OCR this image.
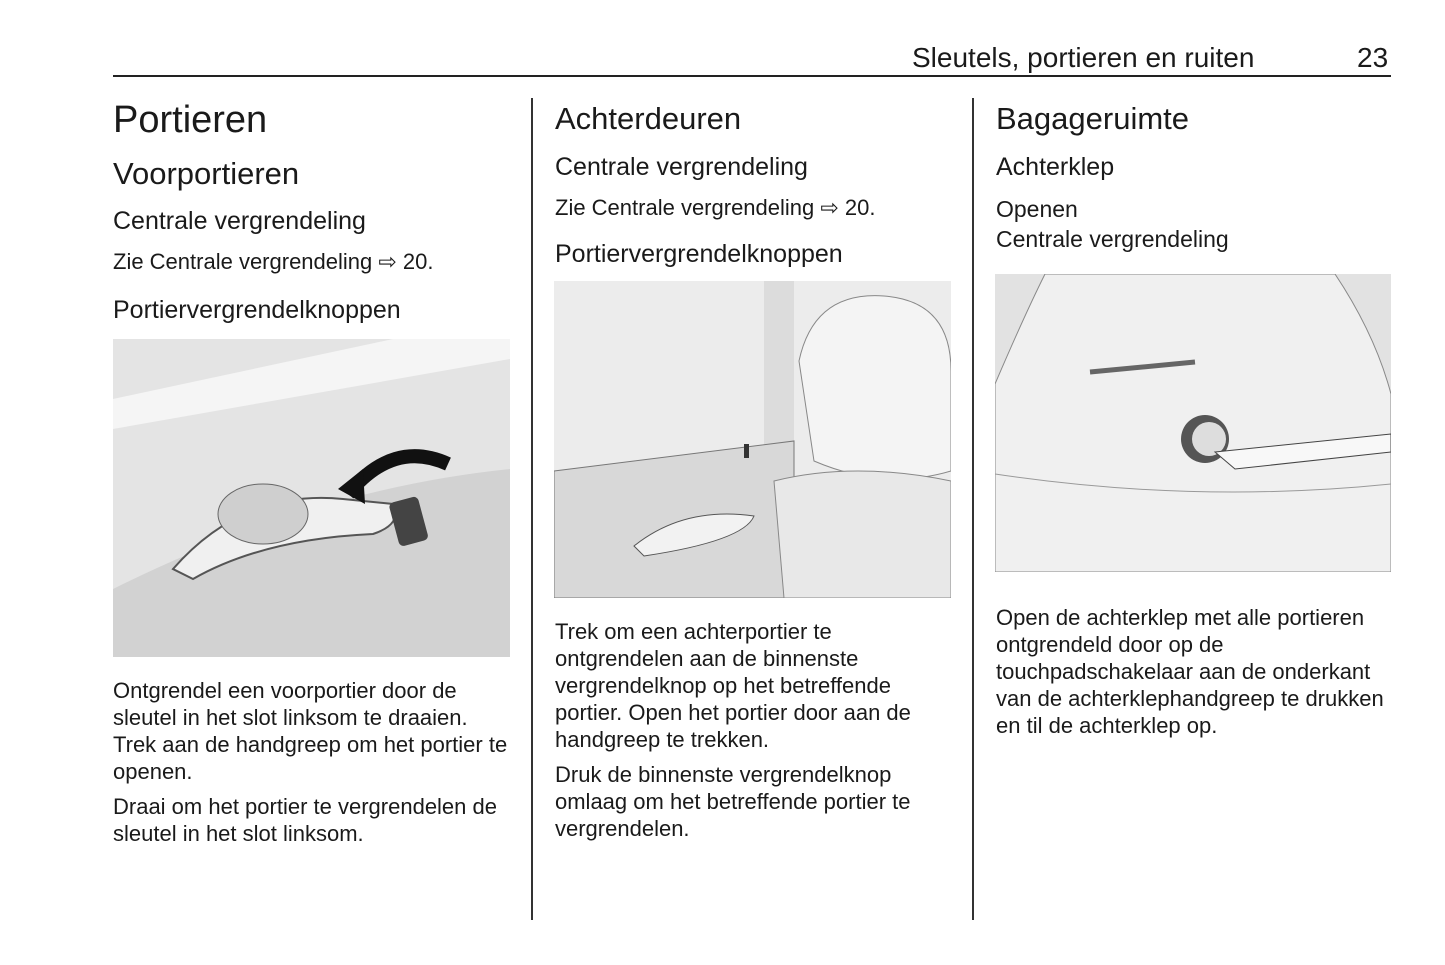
Sleutels, portieren en ruiten	23
Portieren
Voorportieren
Centrale vergrendeling

Zie Centrale vergrendeling ⇨ 20.

Portiervergrendelknoppen

Ontgrendel een voorportier door de sleutel in het slot linksom te draaien. Trek aan de handgreep om het portier te openen.

Draai om het portier te vergrendelen de sleutel in het slot linksom.

Achterdeuren
Centrale vergrendeling

Zie Centrale vergrendeling ⇨ 20.

Portiervergrendelknoppen

Trek om een achterportier te ontgrendelen aan de binnenste vergrendelknop op het betreffende portier. Open het portier door aan de handgreep te trekken.

Druk de binnenste vergrendelknop omlaag om het betreffende portier te vergrendelen.

Bagageruimte
Achterklep
Openen
Centrale vergrendeling

Open de achterklep met alle portieren ontgrendeld door op de touchpadschakelaar aan de onderkant van de achterklephandgreep te drukken en til de achterklep op.
